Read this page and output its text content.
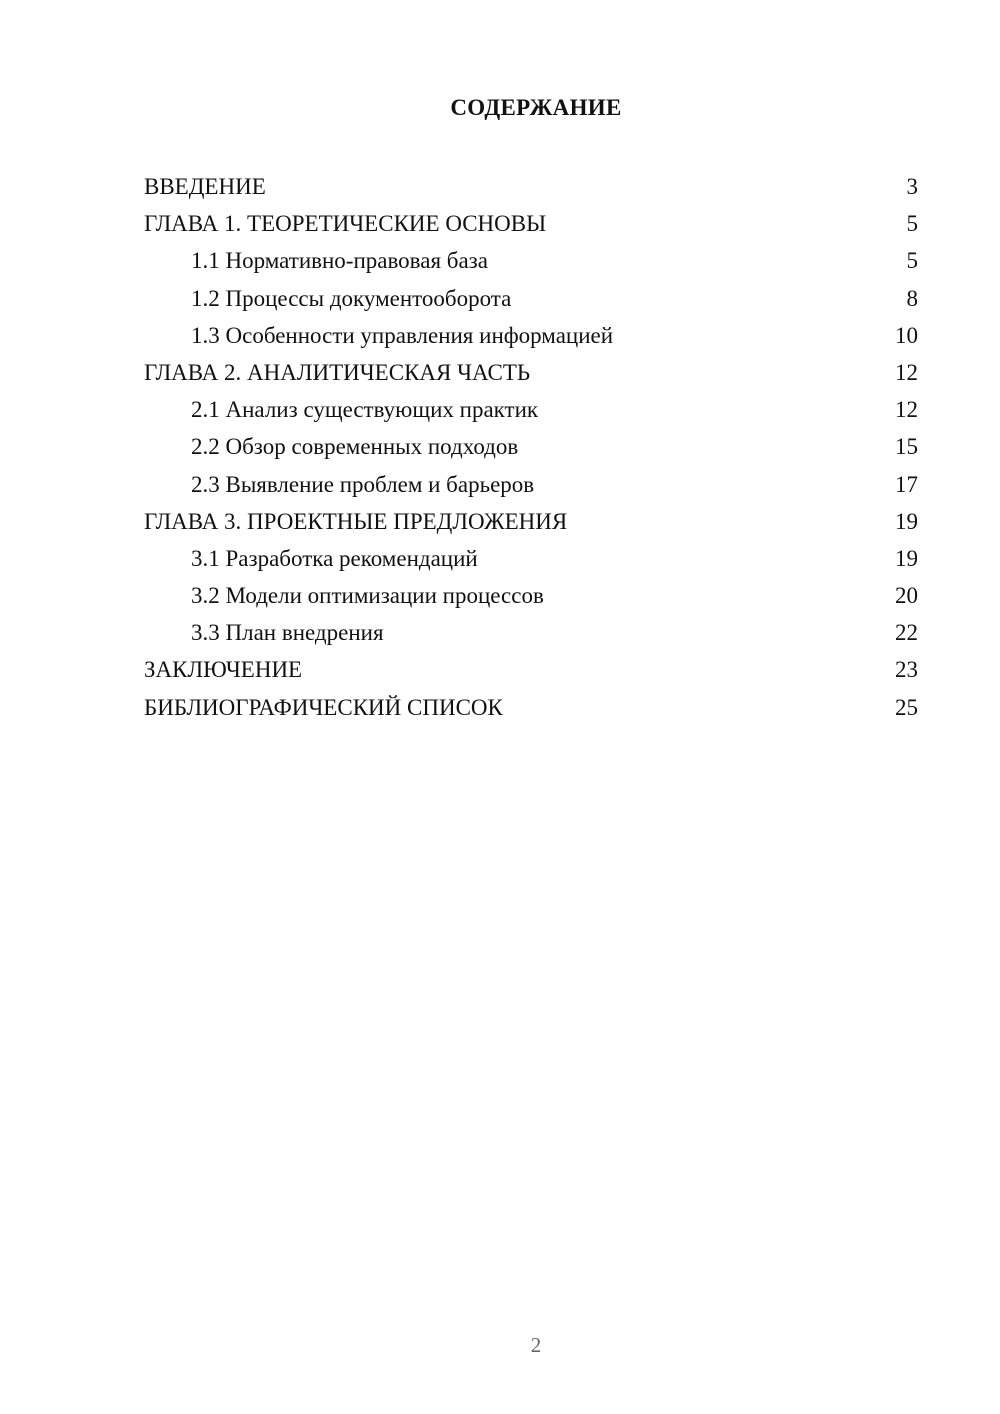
СОДЕРЖАНИЕ
ВВЕДЕНИЕ	3
ГЛАВА 1. ТЕОРЕТИЧЕСКИЕ ОСНОВЫ	5
1.1 Нормативно-правовая база	5
1.2 Процессы документооборота	8
1.3 Особенности управления информацией	10
ГЛАВА 2. АНАЛИТИЧЕСКАЯ ЧАСТЬ	12
2.1 Анализ существующих практик	12
2.2 Обзор современных подходов	15
2.3 Выявление проблем и барьеров	17
ГЛАВА 3. ПРОЕКТНЫЕ ПРЕДЛОЖЕНИЯ	19
3.1 Разработка рекомендаций	19
3.2 Модели оптимизации процессов	20
3.3 План внедрения	22
ЗАКЛЮЧЕНИЕ	23
БИБЛИОГРАФИЧЕСКИЙ СПИСОК	25
2
